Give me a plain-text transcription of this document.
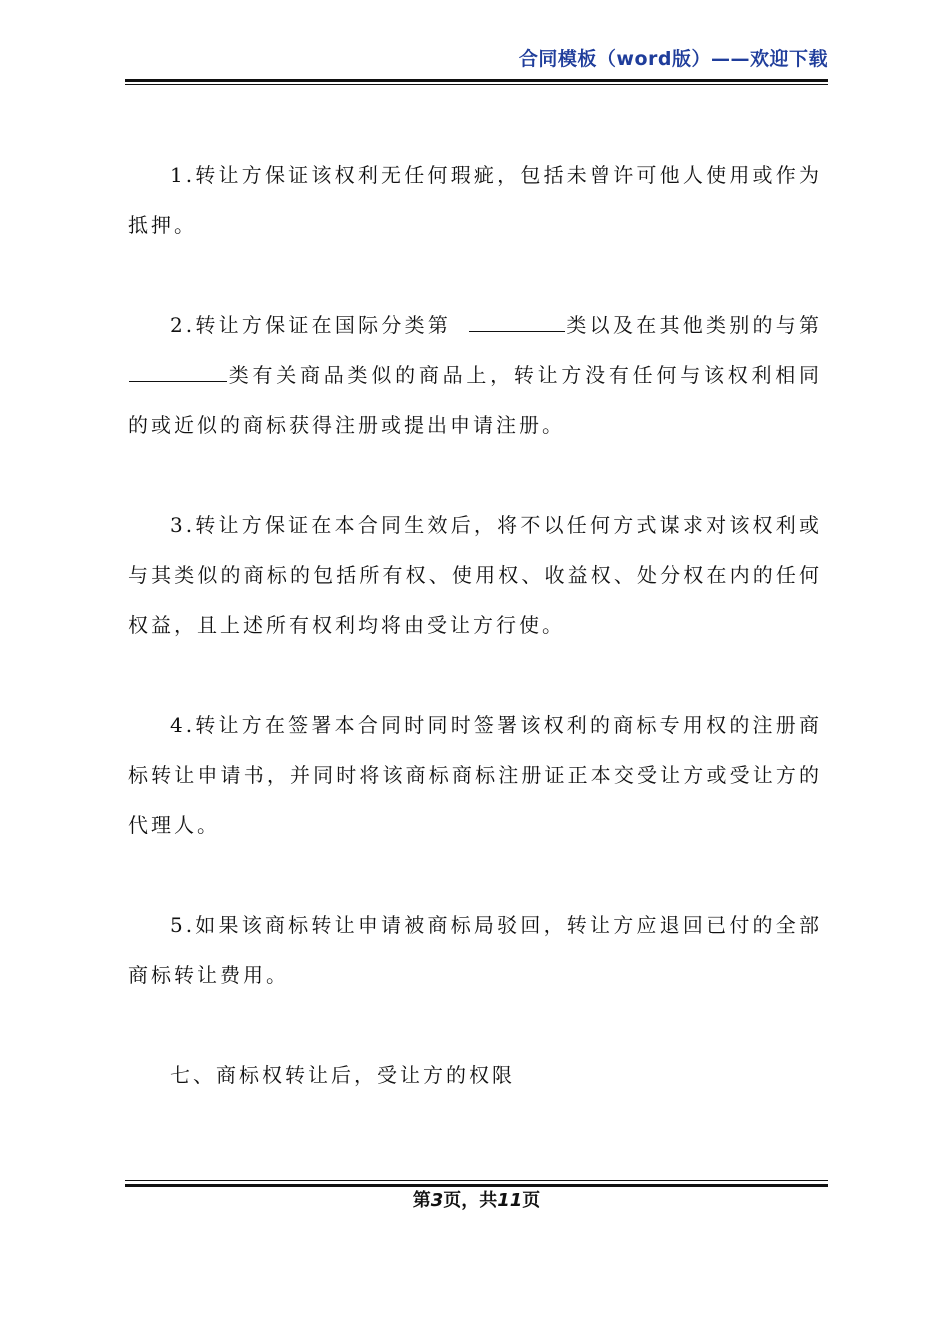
合同模板（word版）——欢迎下载

1.转让方保证该权利无任何瑕疵，包括未曾许可他人使用或作为抵押。

2.转让方保证在国际分类第	类以及在其他类别的与第类有关商品类似的商品上，转让方没有任何与该权利相同的或近似的商标获得注册或提出申请注册。

3.转让方保证在本合同生效后，将不以任何方式谋求对该权利或与其类似的商标的包括所有权、使用权、收益权、处分权在内的任何权益，且上述所有权利均将由受让方行使。

4.转让方在签署本合同时同时签署该权利的商标专用权的注册商标转让申请书，并同时将该商标商标注册证正本交受让方或受让方的代理人。

5.如果该商标转让申请被商标局驳回，转让方应退回已付的全部商标转让费用。

七、商标权转让后，受让方的权限

第3页，共11页
